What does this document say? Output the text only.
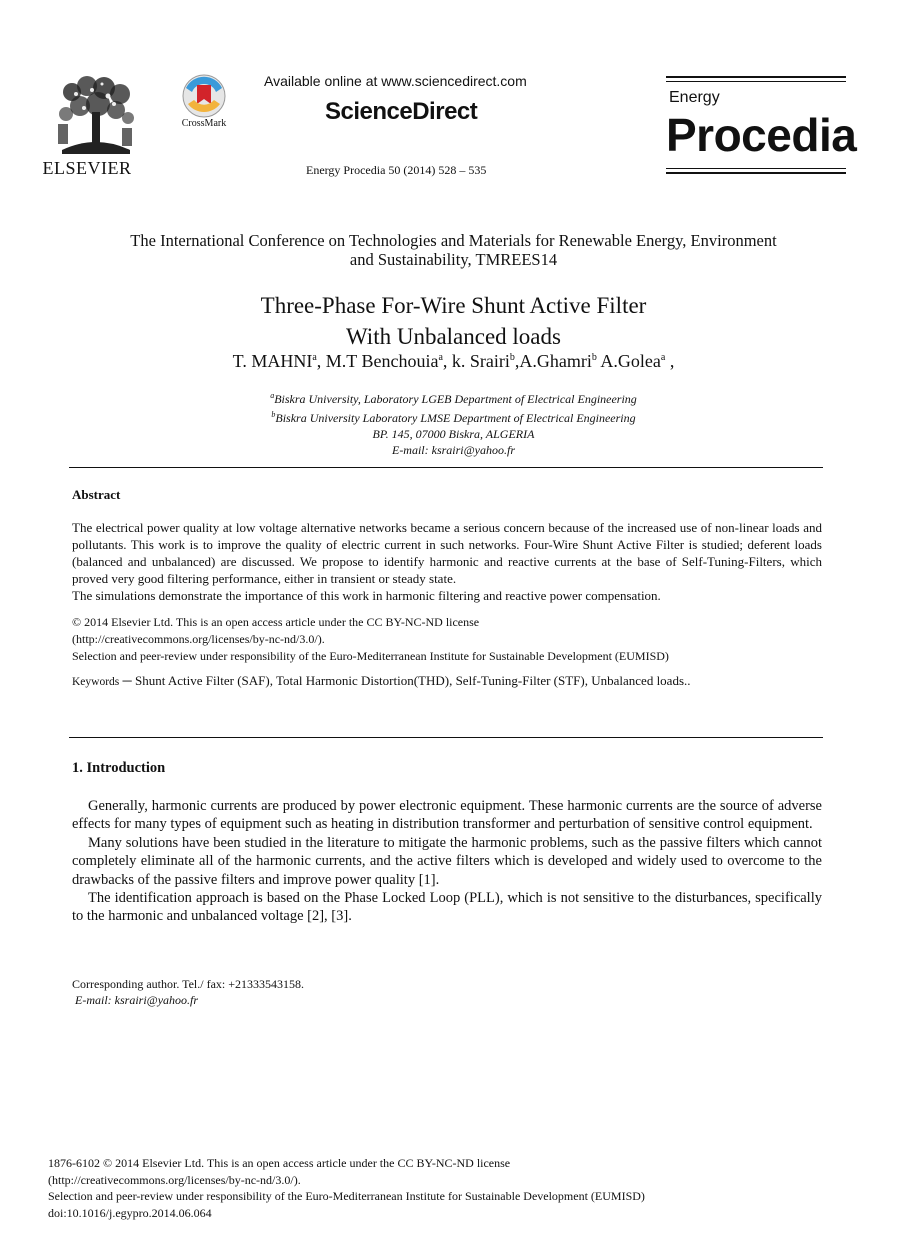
ELSEVIER
CrossMark
Available online at www.sciencedirect.com
ScienceDirect
Energy Procedia 50 (2014) 528 – 535
Energy
Procedia
The International Conference on Technologies and Materials for Renewable Energy, Environment
and Sustainability, TMREES14
Three-Phase For-Wire Shunt Active Filter
With Unbalanced loads
T. MAHNI$^a$, M.T Benchouia$^a$, k. Srairi$^b$,A.Ghamri$^b$ A.Golea$^a$ ,
$^a$Biskra University, Laboratory LGEB Department of Electrical Engineering
$^b$Biskra University Laboratory LMSE Department of Electrical Engineering
BP. 145, 07000 Biskra, ALGERIA
E-mail: ksrairi@yahoo.fr
Abstract

The electrical power quality at low voltage alternative networks became a serious concern because of the increased use of non-linear loads and pollutants. This work is to improve the quality of electric current in such networks. Four-Wire Shunt Active Filter is studied; deferent loads (balanced and unbalanced) are discussed. We propose to identify harmonic and reactive currents at the base of Self-Tuning-Filters, which proved very good filtering performance, either in transient or steady state.

The simulations demonstrate the importance of this work in harmonic filtering and reactive power compensation.

© 2014 Elsevier Ltd. This is an open access article under the CC BY-NC-ND license
(http://creativecommons.org/licenses/by-nc-nd/3.0/).
Selection and peer-review under responsibility of the Euro-Mediterranean Institute for Sustainable Development (EUMISD)
Keywords ─ Shunt Active Filter (SAF), Total Harmonic Distortion(THD), Self-Tuning-Filter (STF), Unbalanced loads..
1. Introduction

Generally, harmonic currents are produced by power electronic equipment. These harmonic currents are the source of adverse effects for many types of equipment such as heating in distribution transformer and perturbation of sensitive control equipment.

Many solutions have been studied in the literature to mitigate the harmonic problems, such as the passive filters which cannot completely eliminate all of the harmonic currents, and the active filters which is developed and widely used to overcome to the drawbacks of the passive filters and improve power quality [1].

The identification approach is based on the Phase Locked Loop (PLL), which is not sensitive to the disturbances, specifically to the harmonic and unbalanced voltage [2], [3].

Corresponding author. Tel./ fax: +21333543158.
E-mail: ksrairi@yahoo.fr
1876-6102 © 2014 Elsevier Ltd. This is an open access article under the CC BY-NC-ND license
(http://creativecommons.org/licenses/by-nc-nd/3.0/).
Selection and peer-review under responsibility of the Euro-Mediterranean Institute for Sustainable Development (EUMISD)
doi:10.1016/j.egypro.2014.06.064
